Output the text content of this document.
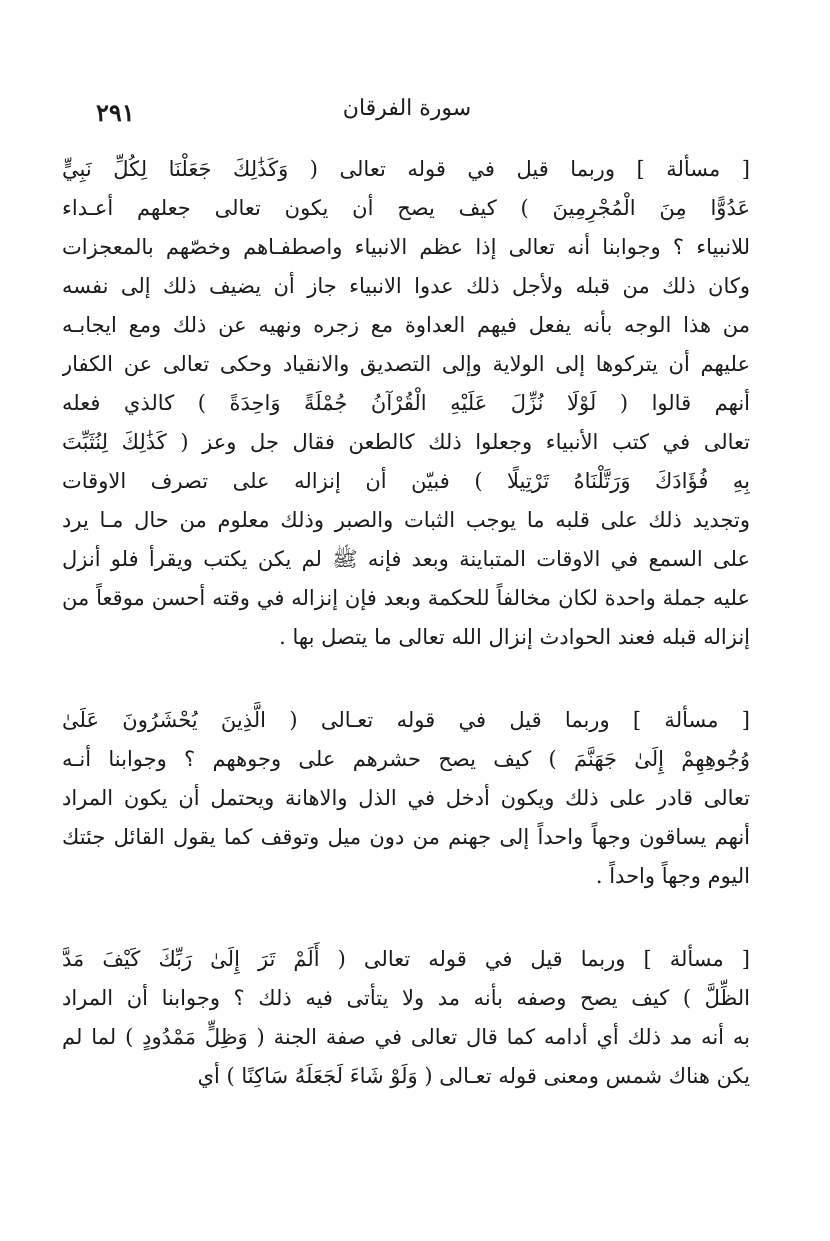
٢٩١	سورة الفرقان
[ مسألة ] وربما قيل في قوله تعالى ( وَكَذَٰلِكَ جَعَلْنَا لِكُلِّ نَبِيٍّ
عَدُوًّا مِنَ الْمُجْرِمِينَ ) كيف يصح أن يكون تعالى جعلهم أعـداء
للانبياء ؟ وجوابنا أنه تعالى إذا عظم الانبياء واصطفـاهم وخصّهم بالمعجزات
وكان ذلك من قبله ولأجل ذلك عدوا الانبياء جاز أن يضيف ذلك إلى نفسه
من هذا الوجه بأنه يفعل فيهم العداوة مع زجره ونهيه عن ذلك ومع ايجابـه
عليهم أن يتركوها إلى الولاية وإلى التصديق والانقياد وحكى تعالى عن الكفار
أنهم قالوا ( لَوْلَا نُزِّلَ عَلَيْهِ الْقُرْآنُ جُمْلَةً وَاحِدَةً ) كالذي فعله
تعالى في كتب الأنبياء وجعلوا ذلك كالطعن فقال جل وعز ( كَذَٰلِكَ لِنُثَبِّتَ
بِهِ فُؤَادَكَ وَرَتَّلْنَاهُ تَرْتِيلًا ) فبيّن أن إنزاله على تصرف الاوقات
وتجديد ذلك على قلبه ما يوجب الثبات والصبر وذلك معلوم من حال مـا يرد
على السمع في الاوقات المتباينة وبعد فإنه ﷺ لم يكن يكتب ويقرأ فلو أنزل
عليه جملة واحدة لكان مخالفاً للحكمة وبعد فإن إنزاله في وقته أحسن موقعاً من
إنزاله قبله فعند الحوادث إنزال الله تعالى ما يتصل بها .
[ مسألة ] وربما قيل في قوله تعـالى ( الَّذِينَ يُحْشَرُونَ عَلَىٰ
وُجُوهِهِمْ إِلَىٰ جَهَنَّمَ ) كيف يصح حشرهم على وجوههم ؟ وجوابنا أنـه
تعالى قادر على ذلك ويكون أدخل في الذل والاهانة ويحتمل أن يكون المراد
أنهم يساقون وجهاً واحداً إلى جهنم من دون ميل وتوقف كما يقول القائل جئتك
اليوم وجهاً واحداً .
[ مسألة ] وربما قيل في قوله تعالى ( أَلَمْ تَرَ إِلَىٰ رَبِّكَ كَيْفَ مَدَّ
الظِّلَّ ) كيف يصح وصفه بأنه مد ولا يتأتى فيه ذلك ؟ وجوابنا أن المراد
به أنه مد ذلك أي أدامه كما قال تعالى في صفة الجنة ( وَظِلٍّ مَمْدُودٍ ) لما لم
يكن هناك شمس ومعنى قوله تعـالى ( وَلَوْ شَاءَ لَجَعَلَهُ سَاكِنًا ) أي
